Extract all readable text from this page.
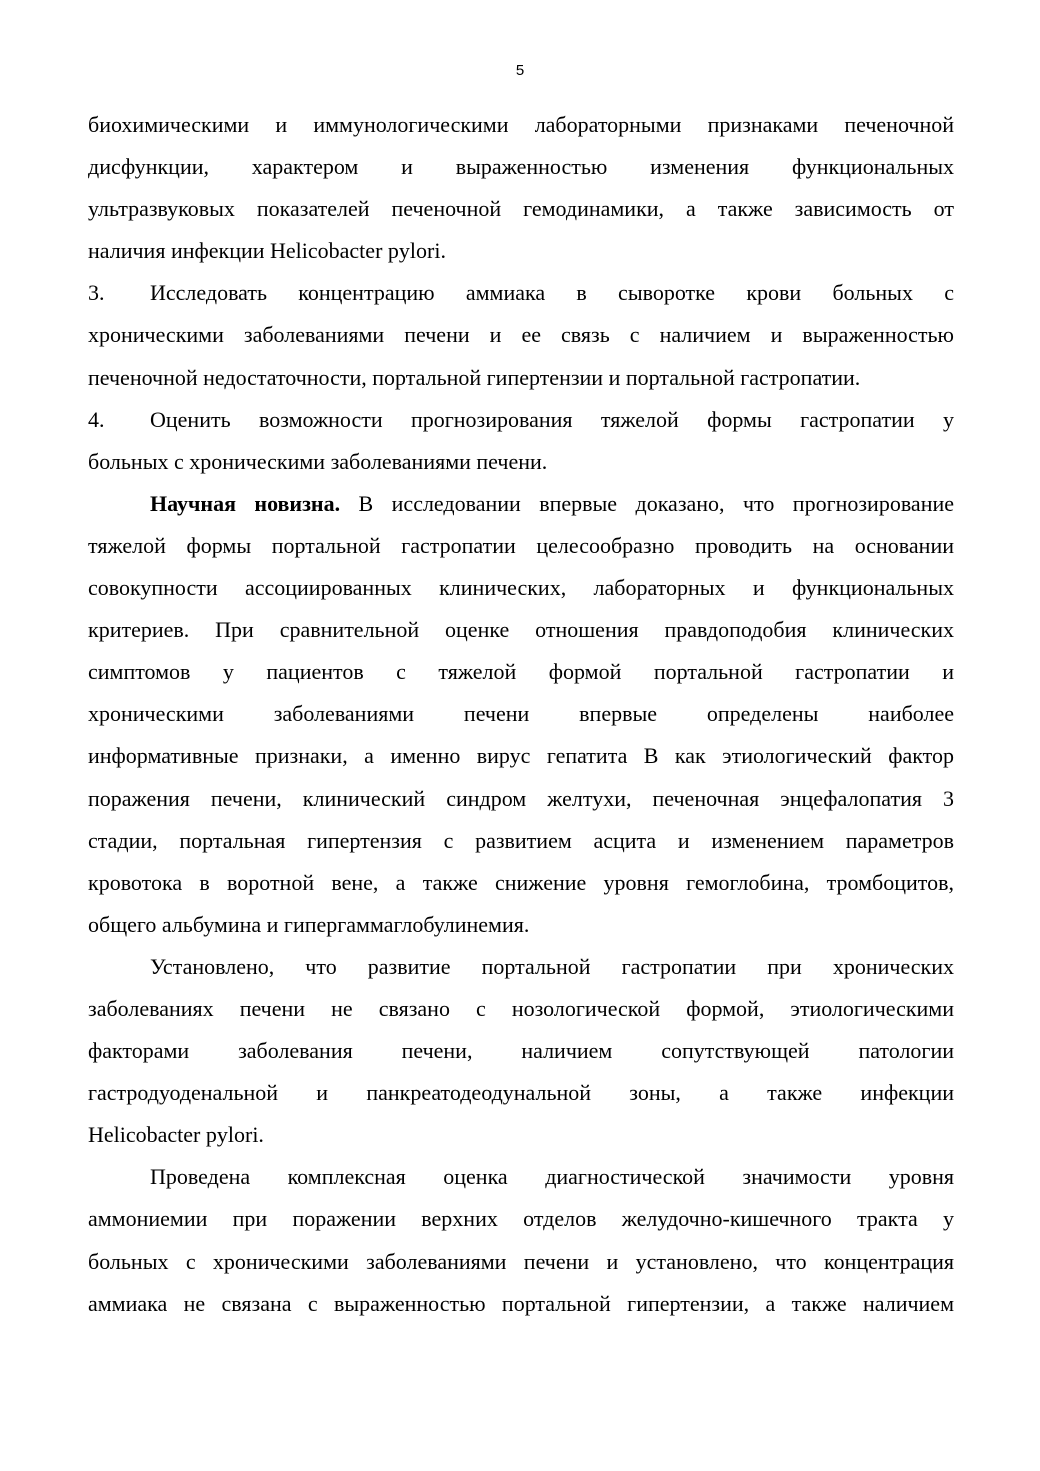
5
биохимическими и иммунологическими лабораторными признаками печеночной
дисфункции, характером и выраженностью изменения функциональных
ультразвуковых показателей печеночной гемодинамики, а также зависимость от
наличия инфекции Helicobacter pylori.
3.	Исследовать концентрацию аммиака в сыворотке крови больных с
хроническими заболеваниями печени и ее связь с наличием и выраженностью
печеночной недостаточности, портальной гипертензии и портальной гастропатии.
4.	Оценить возможности прогнозирования тяжелой формы гастропатии у
больных с хроническими заболеваниями печени.
Научная новизна. В исследовании впервые доказано, что прогнозирование
тяжелой формы портальной гастропатии целесообразно проводить на основании
совокупности ассоциированных клинических, лабораторных и функциональных
критериев. При сравнительной оценке отношения правдоподобия клинических
симптомов у пациентов с тяжелой формой портальной гастропатии и
хроническими заболеваниями печени впервые определены наиболее
информативные признаки, а именно вирус гепатита В как этиологический фактор
поражения печени, клинический синдром желтухи, печеночная энцефалопатия 3
стадии, портальная гипертензия с развитием асцита и изменением параметров
кровотока в воротной вене, а также снижение уровня гемоглобина, тромбоцитов,
общего альбумина и гипергаммаглобулинемия.
Установлено, что развитие портальной гастропатии при хронических
заболеваниях печени не связано с нозологической формой, этиологическими
факторами заболевания печени, наличием сопутствующей патологии
гастродуоденальной и панкреатодеодунальной зоны, а также инфекции
Helicobacter pylori.
Проведена комплексная оценка диагностической значимости уровня
аммониемии при поражении верхних отделов желудочно-кишечного тракта у
больных с хроническими заболеваниями печени и установлено, что концентрация
аммиака не связана с выраженностью портальной гипертензии, а также наличием
